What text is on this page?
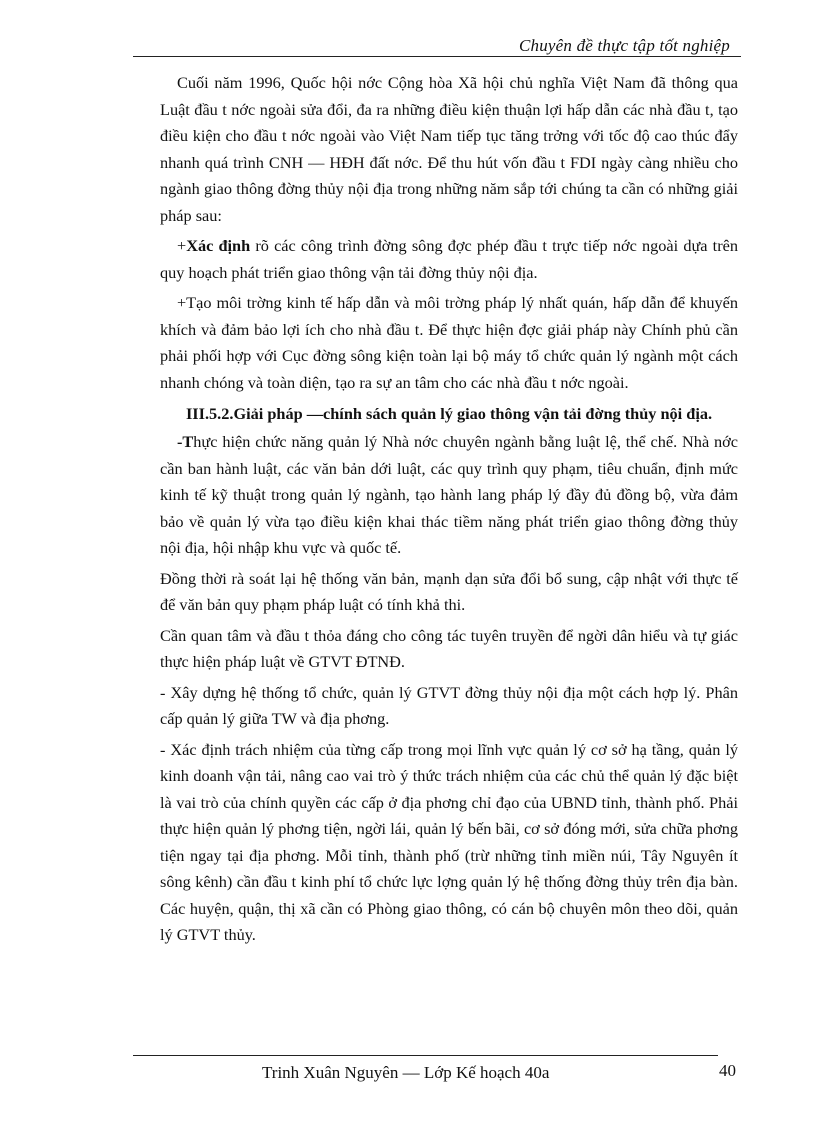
Chuyên đề thực tập tốt nghiệp

Cuối năm 1996, Quốc hội nớc Cộng hòa Xã hội chủ nghĩa Việt Nam đã thông qua Luật đầu t nớc ngoài sửa đổi, đa ra những điều kiện thuận lợi hấp dẫn các nhà đầu t, tạo điều kiện cho đầu t nớc ngoài vào Việt Nam tiếp tục tăng trởng với tốc độ cao thúc đẩy nhanh quá trình CNH — HĐH đất nớc. Để thu hút vốn đầu t FDI ngày càng nhiều cho ngành giao thông đờng thủy nội địa trong những năm sắp tới chúng ta cần có những giải pháp sau:

+Xác định rõ các công trình đờng sông đợc phép đầu t trực tiếp nớc ngoài dựa trên quy hoạch phát triển giao thông vận tải đờng thủy nội địa.

+Tạo môi trờng kinh tế hấp dẫn và môi trờng pháp lý nhất quán, hấp dẫn để khuyến khích và đảm bảo lợi ích cho nhà đầu t. Để thực hiện đợc giải pháp này Chính phủ cần phải phối hợp với Cục đờng sông kiện toàn lại bộ máy tổ chức quản lý ngành một cách nhanh chóng và toàn diện, tạo ra sự an tâm cho các nhà đầu t nớc ngoài.

III.5.2.Giải pháp —chính sách quản lý giao thông vận tải đờng thủy nội địa.

-Thực hiện chức năng quản lý Nhà nớc chuyên ngành bằng luật lệ, thể chế. Nhà nớc cần ban hành luật, các văn bản dới luật, các quy trình quy phạm, tiêu chuẩn, định mức kinh tế kỹ thuật trong quản lý ngành, tạo hành lang pháp lý đầy đủ đồng bộ, vừa đảm bảo về quản lý vừa tạo điều kiện khai thác tiềm năng phát triển giao thông đờng thủy nội địa, hội nhập khu vực và quốc tế.

Đồng thời rà soát lại hệ thống văn bản, mạnh dạn sửa đổi bổ sung, cập nhật với thực tế để văn bản quy phạm pháp luật có tính khả thi.

Cần quan tâm và đầu t thỏa đáng cho công tác tuyên truyền để ngời dân hiểu và tự giác thực hiện pháp luật về GTVT ĐTNĐ.

- Xây dựng hệ thống tổ chức, quản lý GTVT đờng thủy nội địa một cách hợp lý. Phân cấp quản lý giữa TW và địa phơng.

- Xác định trách nhiệm của từng cấp trong mọi lĩnh vực quản lý cơ sở hạ tầng, quản lý kinh doanh vận tải, nâng cao vai trò ý thức trách nhiệm của các chủ thể quản lý đặc biệt là vai trò của chính quyền các cấp ở địa phơng chỉ đạo của UBND tỉnh, thành phố. Phải thực hiện quản lý phơng tiện, ngời lái, quản lý bến bãi, cơ sở đóng mới, sửa chữa phơng tiện ngay tại địa phơng. Mỗi tỉnh, thành phố (trừ những tỉnh miền núi, Tây Nguyên ít sông kênh) cần đầu t kinh phí tổ chức lực lợng quản lý hệ thống đờng thủy trên địa bàn. Các huyện, quận, thị xã cần có Phòng giao thông, có cán bộ chuyên môn theo dõi, quản lý GTVT thủy.

Trinh Xuân Nguyên — Lớp Kế hoạch 40a	40
